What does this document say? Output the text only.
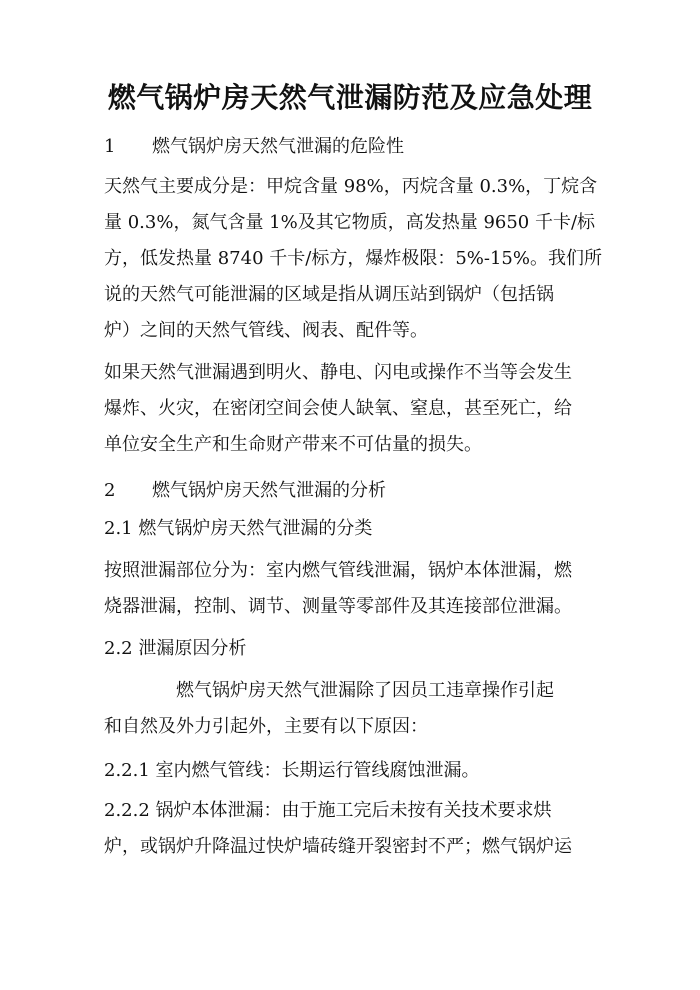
燃气锅炉房天然气泄漏防范及应急处理

1 燃气锅炉房天然气泄漏的危险性

天然气主要成分是：甲烷含量 98%，丙烷含量 0.3%，丁烷含

量 0.3%，氮气含量 1%及其它物质，高发热量 9650 千卡/标

方，低发热量 8740 千卡/标方，爆炸极限：5%-15%。我们所

说的天然气可能泄漏的区域是指从调压站到锅炉（包括锅

炉）之间的天然气管线、阀表、配件等。

如果天然气泄漏遇到明火、静电、闪电或操作不当等会发生

爆炸、火灾，在密闭空间会使人缺氧、窒息，甚至死亡，给

单位安全生产和生命财产带来不可估量的损失。

2 燃气锅炉房天然气泄漏的分析

2.1 燃气锅炉房天然气泄漏的分类

按照泄漏部位分为：室内燃气管线泄漏，锅炉本体泄漏，燃

烧器泄漏，控制、调节、测量等零部件及其连接部位泄漏。

2.2 泄漏原因分析

燃气锅炉房天然气泄漏除了因员工违章操作引起

和自然及外力引起外，主要有以下原因：

2.2.1 室内燃气管线：长期运行管线腐蚀泄漏。

2.2.2 锅炉本体泄漏：由于施工完后未按有关技术要求烘

炉，或锅炉升降温过快炉墙砖缝开裂密封不严；燃气锅炉运
